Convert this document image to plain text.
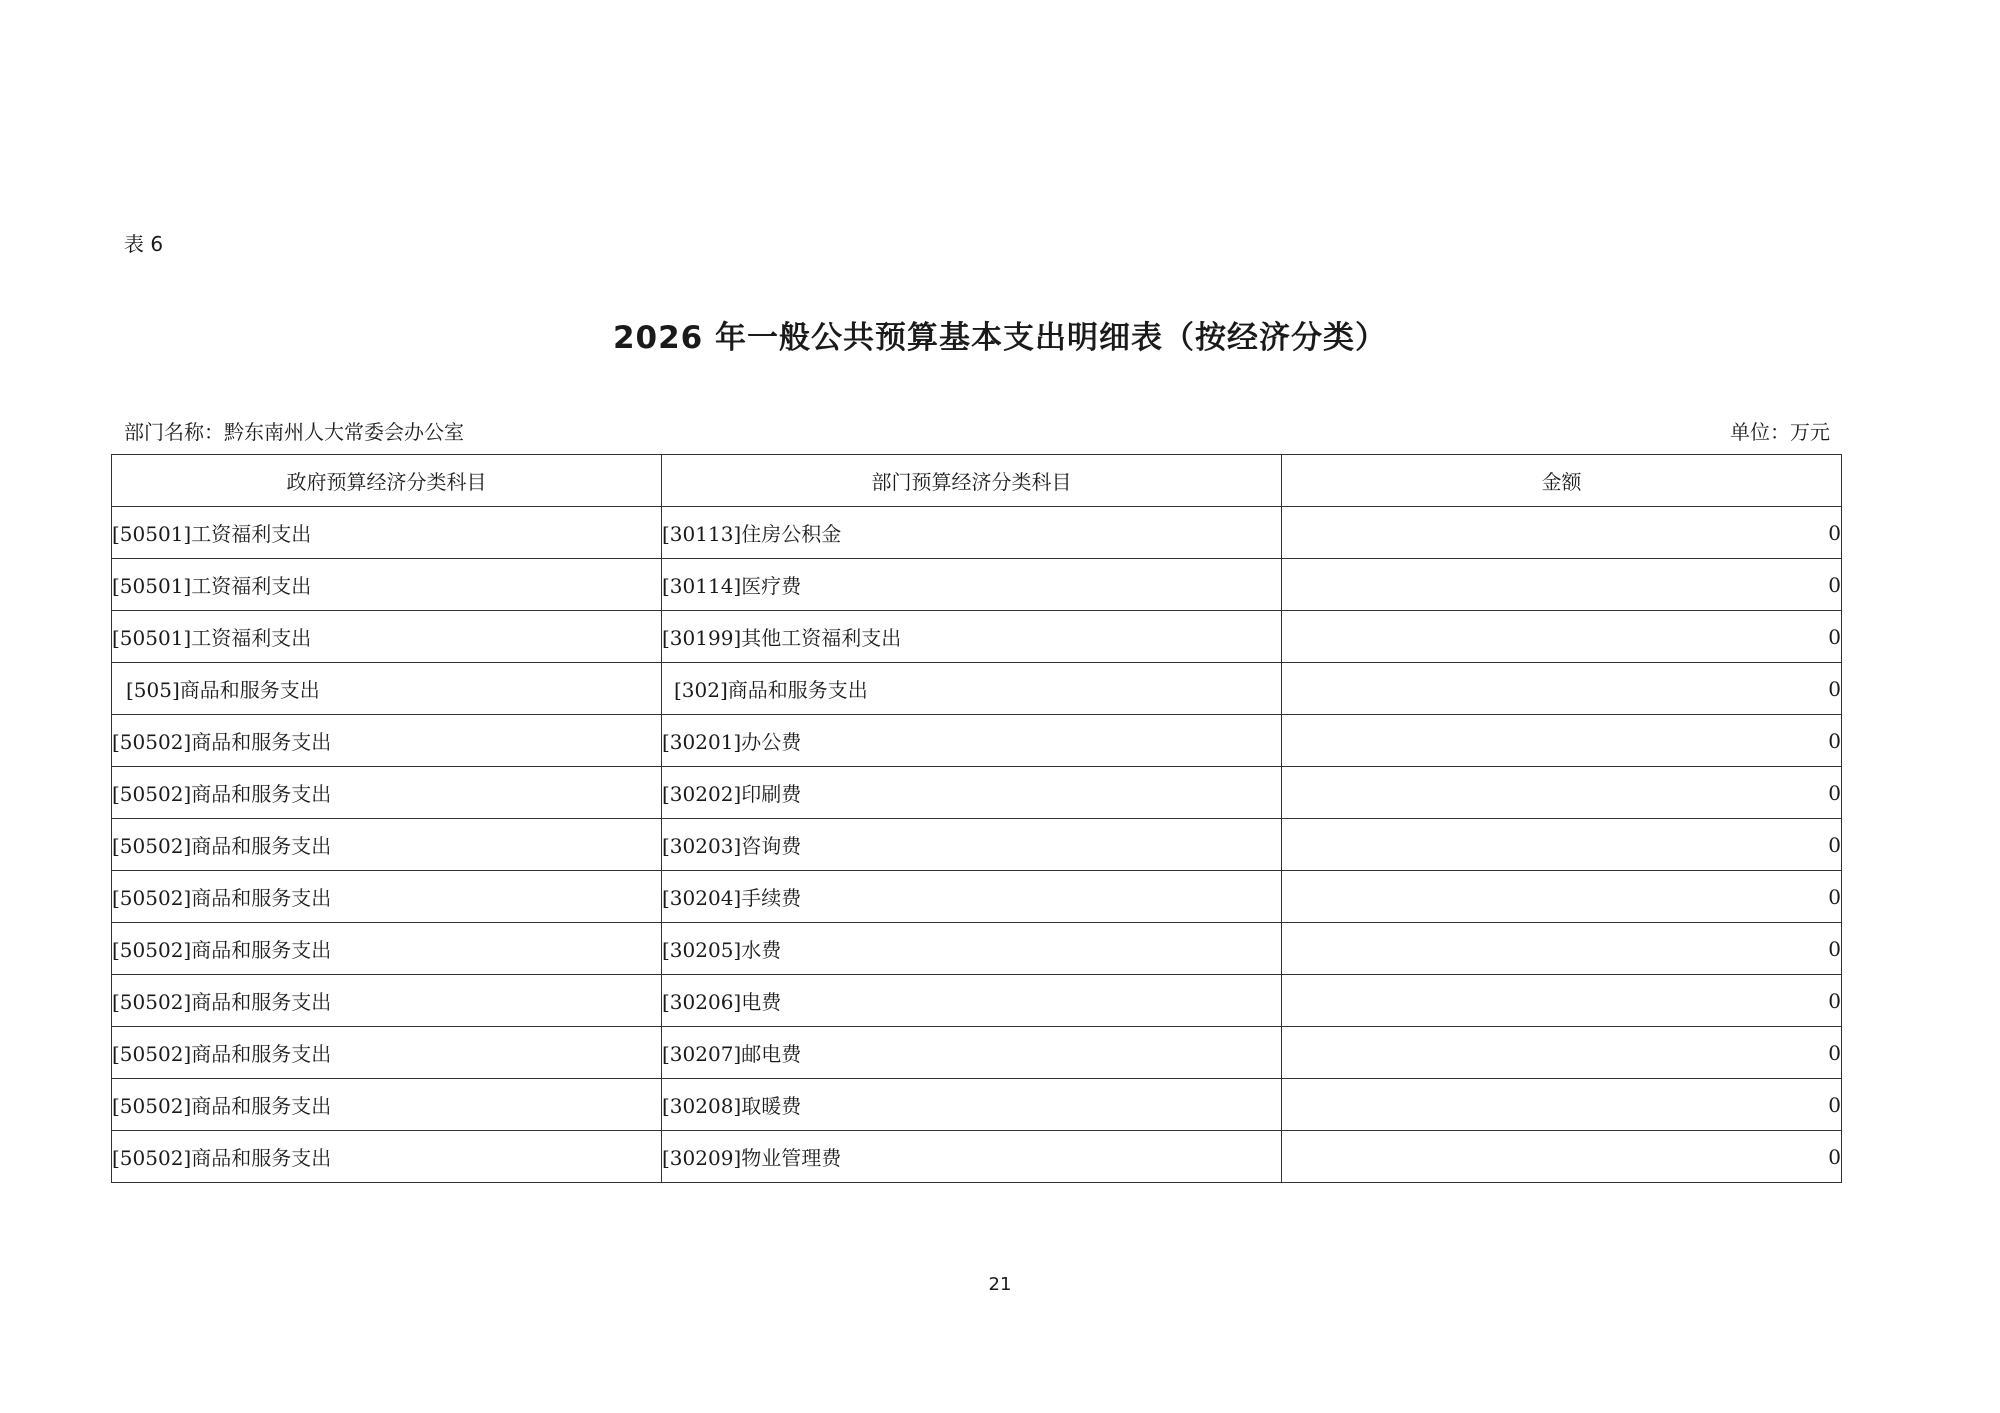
表 6
2026 年一般公共预算基本支出明细表（按经济分类）
部门名称：黔东南州人大常委会办公室	单位：万元
政府预算经济分类科目	部门预算经济分类科目	金额
[50501]工资福利支出	[30113]住房公积金	0
[50501]工资福利支出	[30114]医疗费	0
[50501]工资福利支出	[30199]其他工资福利支出	0
[505]商品和服务支出	[302]商品和服务支出	0
[50502]商品和服务支出	[30201]办公费	0
[50502]商品和服务支出	[30202]印刷费	0
[50502]商品和服务支出	[30203]咨询费	0
[50502]商品和服务支出	[30204]手续费	0
[50502]商品和服务支出	[30205]水费	0
[50502]商品和服务支出	[30206]电费	0
[50502]商品和服务支出	[30207]邮电费	0
[50502]商品和服务支出	[30208]取暖费	0
[50502]商品和服务支出	[30209]物业管理费	0
21
